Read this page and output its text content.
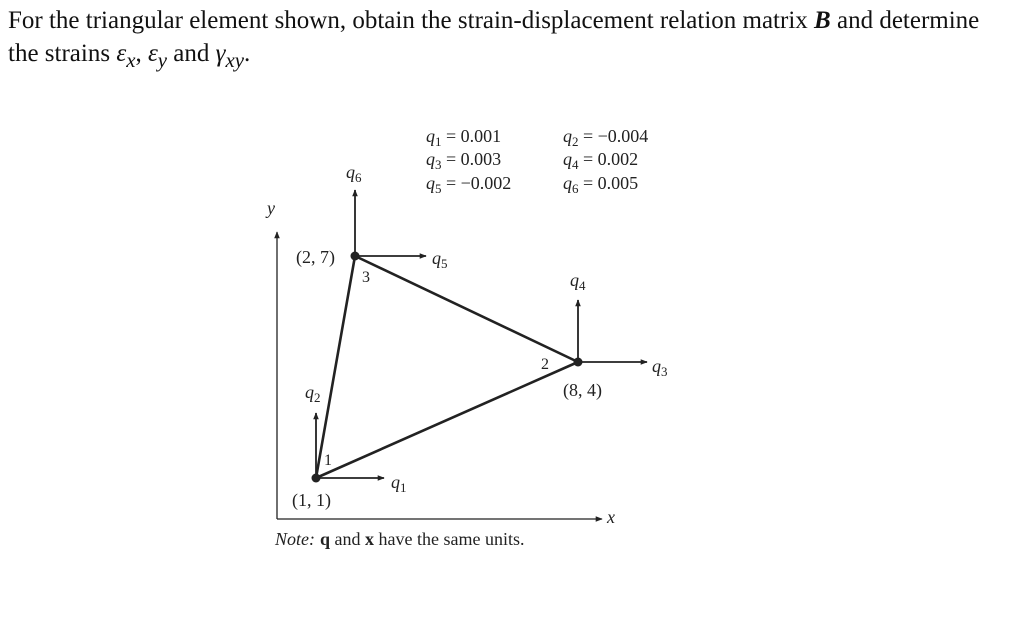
For the triangular element shown, obtain the strain-displacement relation matrix B and determine the strains $\varepsilon_x$, $\varepsilon_y$ and $\gamma_{xy}$.

$q_1 = 0.001$	$q_2 = -0.004$
$q_3 = 0.003$	$q_4 = 0.002$
$q_5 = -0.002$	$q_6 = 0.005$
y
x
$q_1$
$q_2$
$q_3$
$q_4$
$q_5$
$q_6$
(1, 1)
(8, 4)
(2, 7)
1
2
3
Note: q and x have the same units.
